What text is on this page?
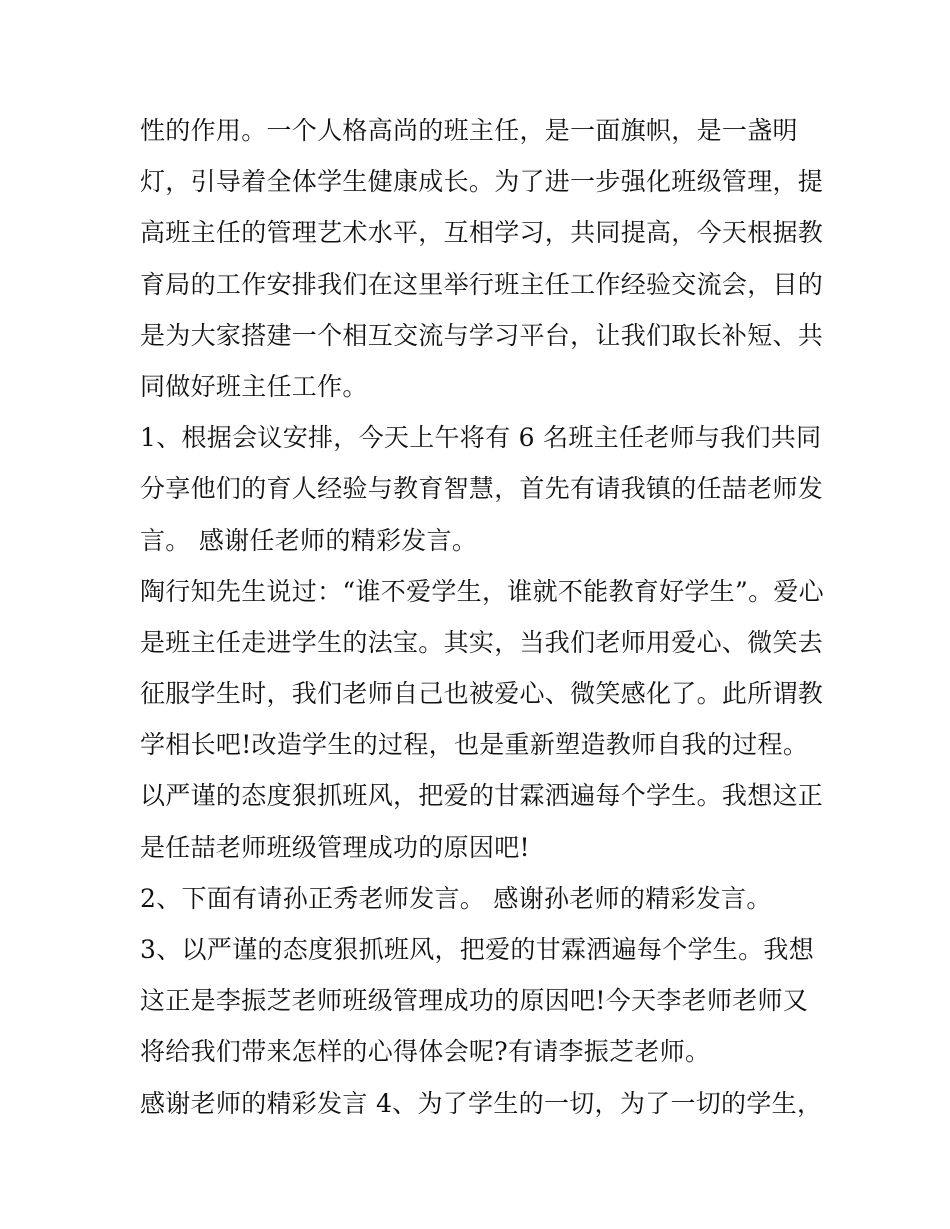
性的作用。一个人格高尚的班主任，是一面旗帜，是一盏明
灯，引导着全体学生健康成长。为了进一步强化班级管理，提
高班主任的管理艺术水平，互相学习，共同提高，今天根据教
育局的工作安排我们在这里举行班主任工作经验交流会，目的
是为大家搭建一个相互交流与学习平台，让我们取长补短、共
同做好班主任工作。
1、根据会议安排，今天上午将有 6 名班主任老师与我们共同
分享他们的育人经验与教育智慧，首先有请我镇的任喆老师发
言。 感谢任老师的精彩发言。
陶行知先生说过：“谁不爱学生，谁就不能教育好学生”。爱心
是班主任走进学生的法宝。其实，当我们老师用爱心、微笑去
征服学生时，我们老师自己也被爱心、微笑感化了。此所谓教
学相长吧!改造学生的过程，也是重新塑造教师自我的过程。
以严谨的态度狠抓班风，把爱的甘霖洒遍每个学生。我想这正
是任喆老师班级管理成功的原因吧!
2、下面有请孙正秀老师发言。 感谢孙老师的精彩发言。
3、以严谨的态度狠抓班风，把爱的甘霖洒遍每个学生。我想
这正是李振芝老师班级管理成功的原因吧!今天李老师老师又
将给我们带来怎样的心得体会呢?有请李振芝老师。
感谢老师的精彩发言 4、为了学生的一切，为了一切的学生，
